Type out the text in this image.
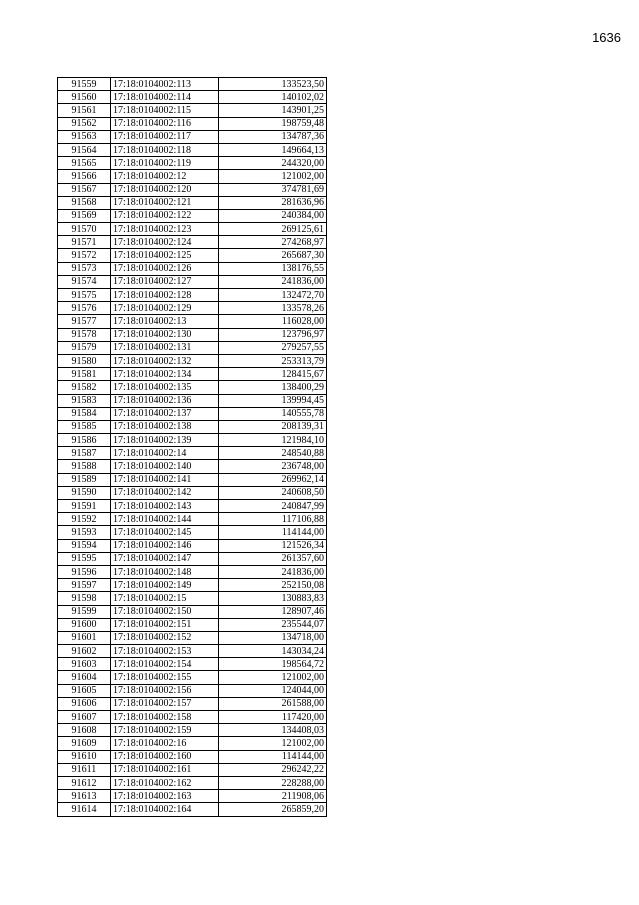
1636
91559	17:18:0104002:113	133523,50
91560	17:18:0104002:114	140102,02
91561	17:18:0104002:115	143901,25
91562	17:18:0104002:116	198759,48
91563	17:18:0104002:117	134787,36
91564	17:18:0104002:118	149664,13
91565	17:18:0104002:119	244320,00
91566	17:18:0104002:12	121002,00
91567	17:18:0104002:120	374781,69
91568	17:18:0104002:121	281636,96
91569	17:18:0104002:122	240384,00
91570	17:18:0104002:123	269125,61
91571	17:18:0104002:124	274268,97
91572	17:18:0104002:125	265687,30
91573	17:18:0104002:126	138176,55
91574	17:18:0104002:127	241836,00
91575	17:18:0104002:128	132472,70
91576	17:18:0104002:129	133578,26
91577	17:18:0104002:13	116028,00
91578	17:18:0104002:130	123796,97
91579	17:18:0104002:131	279257,55
91580	17:18:0104002:132	253313,79
91581	17:18:0104002:134	128415,67
91582	17:18:0104002:135	138400,29
91583	17:18:0104002:136	139994,45
91584	17:18:0104002:137	140555,78
91585	17:18:0104002:138	208139,31
91586	17:18:0104002:139	121984,10
91587	17:18:0104002:14	248540,88
91588	17:18:0104002:140	236748,00
91589	17:18:0104002:141	269962,14
91590	17:18:0104002:142	240608,50
91591	17:18:0104002:143	240847,99
91592	17:18:0104002:144	117106,88
91593	17:18:0104002:145	114144,00
91594	17:18:0104002:146	121526,34
91595	17:18:0104002:147	261357,60
91596	17:18:0104002:148	241836,00
91597	17:18:0104002:149	252150,08
91598	17:18:0104002:15	130883,83
91599	17:18:0104002:150	128907,46
91600	17:18:0104002:151	235544,07
91601	17:18:0104002:152	134718,00
91602	17:18:0104002:153	143034,24
91603	17:18:0104002:154	198564,72
91604	17:18:0104002:155	121002,00
91605	17:18:0104002:156	124044,00
91606	17:18:0104002:157	261588,00
91607	17:18:0104002:158	117420,00
91608	17:18:0104002:159	134408,03
91609	17:18:0104002:16	121002,00
91610	17:18:0104002:160	114144,00
91611	17:18:0104002:161	296242,22
91612	17:18:0104002:162	228288,00
91613	17:18:0104002:163	211908,06
91614	17:18:0104002:164	265859,20
